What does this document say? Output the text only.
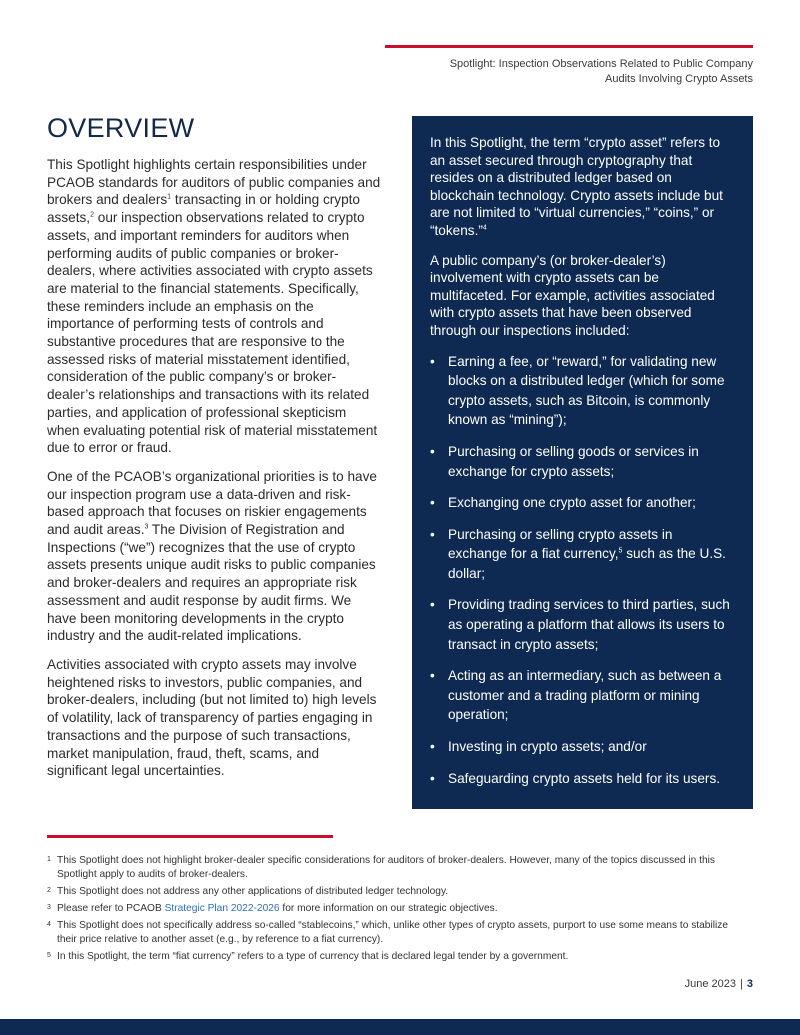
Spotlight: Inspection Observations Related to Public Company
Audits Involving Crypto Assets
OVERVIEW

This Spotlight highlights certain responsibilities under PCAOB standards for auditors of public companies and brokers and dealers$^1$ transacting in or holding crypto assets,$^2$ our inspection observations related to crypto assets, and important reminders for auditors when performing audits of public companies or broker-dealers, where activities associated with crypto assets are material to the financial statements. Specifically, these reminders include an emphasis on the importance of performing tests of controls and substantive procedures that are responsive to the assessed risks of material misstatement identified, consideration of the public company’s or broker-dealer’s relationships and transactions with its related parties, and application of professional skepticism when evaluating potential risk of material misstatement due to error or fraud.

One of the PCAOB’s organizational priorities is to have our inspection program use a data-driven and risk-based approach that focuses on riskier engagements and audit areas.$^3$ The Division of Registration and Inspections (“we”) recognizes that the use of crypto assets presents unique audit risks to public companies and broker-dealers and requires an appropriate risk assessment and audit response by audit firms. We have been monitoring developments in the crypto industry and the audit-related implications.

Activities associated with crypto assets may involve heightened risks to investors, public companies, and broker-dealers, including (but not limited to) high levels of volatility, lack of transparency of parties engaging in transactions and the purpose of such transactions, market manipulation, fraud, theft, scams, and significant legal uncertainties.

In this Spotlight, the term “crypto asset” refers to an asset secured through cryptography that resides on a distributed ledger based on blockchain technology. Crypto assets include but are not limited to “virtual currencies,” “coins,” or “tokens.”$^4$

A public company’s (or broker-dealer’s) involvement with crypto assets can be multifaceted. For example, activities associated with crypto assets that have been observed through our inspections included:

• Earning a fee, or “reward,” for validating new blocks on a distributed ledger (which for some crypto assets, such as Bitcoin, is commonly known as “mining”);
• Purchasing or selling goods or services in exchange for crypto assets;
• Exchanging one crypto asset for another;
• Purchasing or selling crypto assets in exchange for a fiat currency,$^5$ such as the U.S. dollar;
• Providing trading services to third parties, such as operating a platform that allows its users to transact in crypto assets;
• Acting as an intermediary, such as between a customer and a trading platform or mining operation;
• Investing in crypto assets; and/or
• Safeguarding crypto assets held for its users.
1 This Spotlight does not highlight broker-dealer specific considerations for auditors of broker-dealers. However, many of the topics discussed in this Spotlight apply to audits of broker-dealers.
2 This Spotlight does not address any other applications of distributed ledger technology.
3 Please refer to PCAOB Strategic Plan 2022-2026 for more information on our strategic objectives.
4 This Spotlight does not specifically address so-called “stablecoins,” which, unlike other types of crypto assets, purport to use some means to stabilize their price relative to another asset (e.g., by reference to a fiat currency).
5 In this Spotlight, the term “fiat currency” refers to a type of currency that is declared legal tender by a government.
June 2023 | 3
